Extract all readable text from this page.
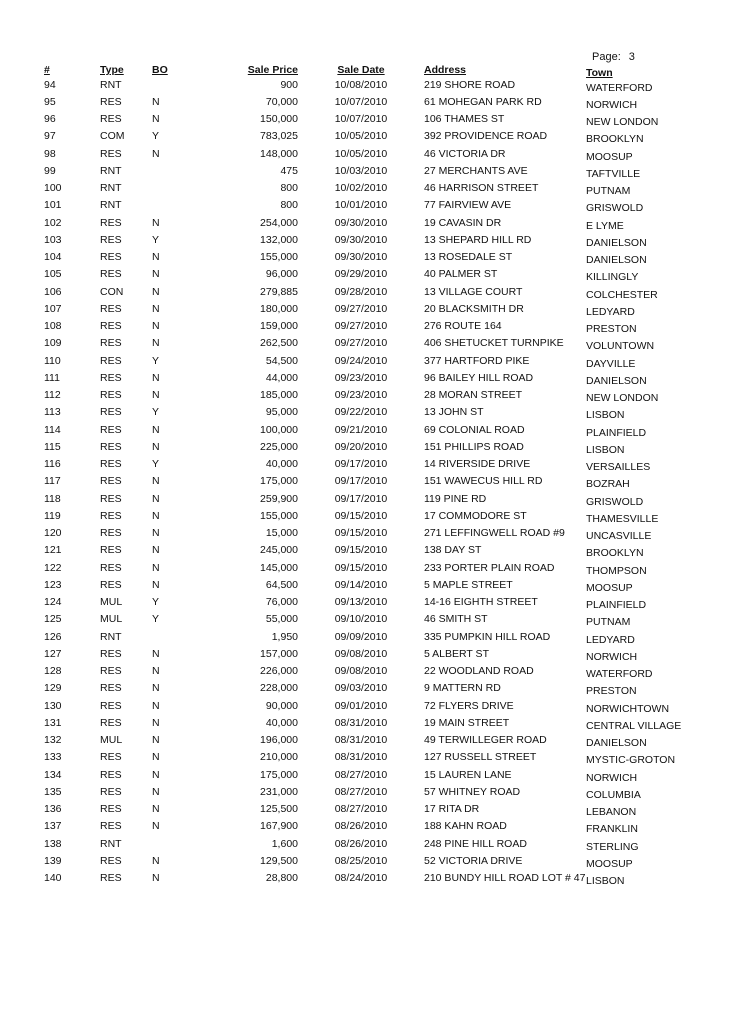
Page: 3
#	Type	BO	Sale Price	Sale Date	Address	Town
94	RNT		900	10/08/2010	219 SHORE ROAD	WATERFORD
95	RES	N	70,000	10/07/2010	61 MOHEGAN PARK RD	NORWICH
96	RES	N	150,000	10/07/2010	106 THAMES ST	NEW LONDON
97	COM	Y	783,025	10/05/2010	392 PROVIDENCE ROAD	BROOKLYN
98	RES	N	148,000	10/05/2010	46 VICTORIA DR	MOOSUP
99	RNT		475	10/03/2010	27 MERCHANTS AVE	TAFTVILLE
100	RNT		800	10/02/2010	46 HARRISON STREET	PUTNAM
101	RNT		800	10/01/2010	77 FAIRVIEW AVE	GRISWOLD
102	RES	N	254,000	09/30/2010	19 CAVASIN DR	E LYME
103	RES	Y	132,000	09/30/2010	13 SHEPARD HILL RD	DANIELSON
104	RES	N	155,000	09/30/2010	13 ROSEDALE ST	DANIELSON
105	RES	N	96,000	09/29/2010	40 PALMER ST	KILLINGLY
106	CON	N	279,885	09/28/2010	13 VILLAGE COURT	COLCHESTER
107	RES	N	180,000	09/27/2010	20 BLACKSMITH DR	LEDYARD
108	RES	N	159,000	09/27/2010	276 ROUTE 164	PRESTON
109	RES	N	262,500	09/27/2010	406 SHETUCKET TURNPIKE	VOLUNTOWN
110	RES	Y	54,500	09/24/2010	377 HARTFORD PIKE	DAYVILLE
111	RES	N	44,000	09/23/2010	96 BAILEY HILL ROAD	DANIELSON
112	RES	N	185,000	09/23/2010	28 MORAN STREET	NEW LONDON
113	RES	Y	95,000	09/22/2010	13 JOHN ST	LISBON
114	RES	N	100,000	09/21/2010	69 COLONIAL ROAD	PLAINFIELD
115	RES	N	225,000	09/20/2010	151 PHILLIPS ROAD	LISBON
116	RES	Y	40,000	09/17/2010	14 RIVERSIDE DRIVE	VERSAILLES
117	RES	N	175,000	09/17/2010	151 WAWECUS HILL RD	BOZRAH
118	RES	N	259,900	09/17/2010	119 PINE RD	GRISWOLD
119	RES	N	155,000	09/15/2010	17 COMMODORE ST	THAMESVILLE
120	RES	N	15,000	09/15/2010	271 LEFFINGWELL ROAD #9	UNCASVILLE
121	RES	N	245,000	09/15/2010	138 DAY ST	BROOKLYN
122	RES	N	145,000	09/15/2010	233 PORTER PLAIN ROAD	THOMPSON
123	RES	N	64,500	09/14/2010	5 MAPLE STREET	MOOSUP
124	MUL	Y	76,000	09/13/2010	14-16 EIGHTH STREET	PLAINFIELD
125	MUL	Y	55,000	09/10/2010	46 SMITH ST	PUTNAM
126	RNT		1,950	09/09/2010	335 PUMPKIN HILL ROAD	LEDYARD
127	RES	N	157,000	09/08/2010	5 ALBERT ST	NORWICH
128	RES	N	226,000	09/08/2010	22 WOODLAND ROAD	WATERFORD
129	RES	N	228,000	09/03/2010	9 MATTERN RD	PRESTON
130	RES	N	90,000	09/01/2010	72 FLYERS DRIVE	NORWICHTOWN
131	RES	N	40,000	08/31/2010	19 MAIN STREET	CENTRAL VILLAGE
132	MUL	N	196,000	08/31/2010	49 TERWILLEGER ROAD	DANIELSON
133	RES	N	210,000	08/31/2010	127 RUSSELL STREET	MYSTIC-GROTON
134	RES	N	175,000	08/27/2010	15 LAUREN LANE	NORWICH
135	RES	N	231,000	08/27/2010	57 WHITNEY ROAD	COLUMBIA
136	RES	N	125,500	08/27/2010	17 RITA DR	LEBANON
137	RES	N	167,900	08/26/2010	188 KAHN ROAD	FRANKLIN
138	RNT		1,600	08/26/2010	248 PINE HILL ROAD	STERLING
139	RES	N	129,500	08/25/2010	52 VICTORIA DRIVE	MOOSUP
140	RES	N	28,800	08/24/2010	210 BUNDY HILL ROAD LOT # 47	LISBON
